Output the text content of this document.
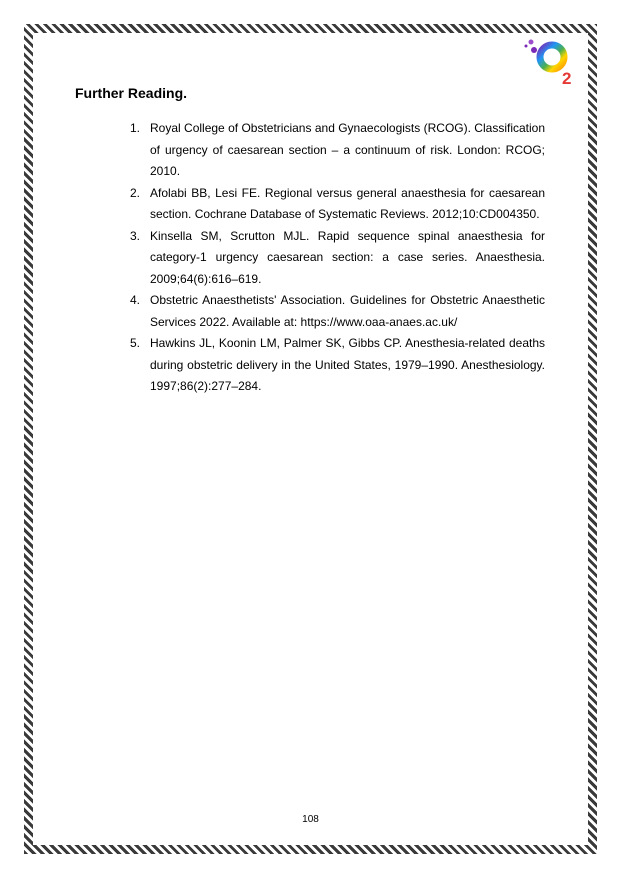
2
Further Reading.
1. Royal College of Obstetricians and Gynaecologists (RCOG). Classification of urgency of caesarean section – a continuum of risk. London: RCOG; 2010.
2. Afolabi BB, Lesi FE. Regional versus general anaesthesia for caesarean section. Cochrane Database of Systematic Reviews. 2012;10:CD004350.
3. Kinsella SM, Scrutton MJL. Rapid sequence spinal anaesthesia for category-1 urgency caesarean section: a case series. Anaesthesia. 2009;64(6):616–619.
4. Obstetric Anaesthetists' Association. Guidelines for Obstetric Anaesthetic Services 2022. Available at: https://www.oaa-anaes.ac.uk/
5. Hawkins JL, Koonin LM, Palmer SK, Gibbs CP. Anesthesia-related deaths during obstetric delivery in the United States, 1979–1990. Anesthesiology. 1997;86(2):277–284.
108
